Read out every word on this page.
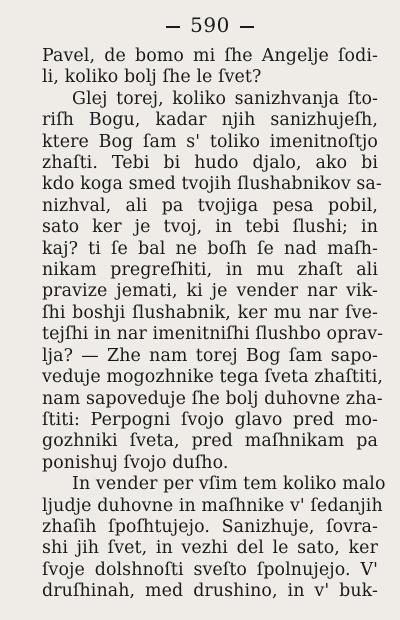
590
Pavel, de bomo mi ſhe Angelje ſodi-
li, koliko bolj ſhe le ſvet?
Glej torej, koliko sanizhvanja ſto-
riſh Bogu, kadar njih sanizhujeſh,
ktere Bog ſam s' toliko imenitnoſtjo
zhaſti. Tebi bi hudo djalo, ako bi
kdo koga smed tvojih ſlushabnikov sa-
nizhval, ali pa tvojiga pesa pobil,
sato ker je tvoj, in tebi ſlushi; in
kaj? ti ſe bal ne boſh ſe nad maſh-
nikam pregreſhiti, in mu zhaſt ali
pravize jemati, ki je vender nar vik-
ſhi boshji ſlushabnik, ker mu nar ſve-
tejſhi in nar imenitniſhi ſlushbo oprav-
lja? — Zhe nam torej Bog ſam sapo-
veduje mogozhnike tega ſveta zhaſtiti,
nam sapoveduje ſhe bolj duhovne zha-
ſtiti: Perpogni ſvojo glavo pred mo-
gozhniki ſveta, pred maſhnikam pa
ponishuj ſvojo duſho.
In vender per vſim tem koliko malo
ljudje duhovne in maſhnike v' ſedanjih
zhaſih ſpoſhtujejo. Sanizhuje, ſovra-
shi jih ſvet, in vezhi del le sato, ker
ſvoje dolshnoſti sveſto ſpolnujejo. V'
druſhinah, med drushino, in v' buk-
